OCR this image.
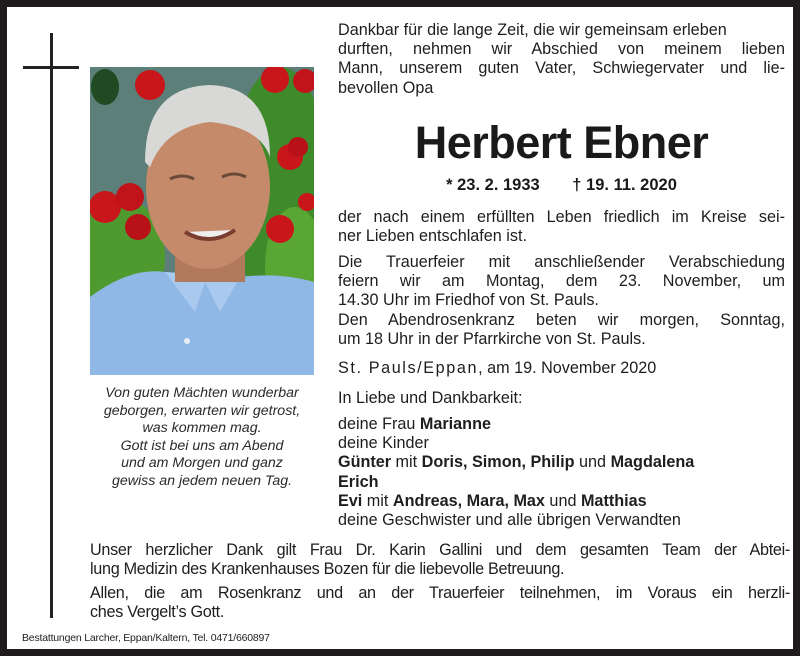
Von guten Mächten wunderbar
geborgen, erwarten wir getrost,
was kommen mag.
Gott ist bei uns am Abend
und am Morgen und ganz
gewiss an jedem neuen Tag.
Dankbar für die lange Zeit, die wir gemeinsam erleben
durften, nehmen wir Abschied von meinem lieben
Mann, unserem guten Vater, Schwiegervater und lie-
bevollen Opa
Herbert Ebner
* 23. 2. 1933 † 19. 11. 2020
der nach einem erfüllten Leben friedlich im Kreise sei-
ner Lieben entschlafen ist.
Die Trauerfeier mit anschließender Verabschiedung
feiern wir am Montag, dem 23. November, um
14.30 Uhr im Friedhof von St. Pauls.
Den Abendrosenkranz beten wir morgen, Sonntag,
um 18 Uhr in der Pfarrkirche von St. Pauls.
St. Pauls/Eppan, am 19. November 2020
In Liebe und Dankbarkeit:
deine Frau Marianne
deine Kinder
Günter mit Doris, Simon, Philip und Magdalena
Erich
Evi mit Andreas, Mara, Max und Matthias
deine Geschwister und alle übrigen Verwandten
Unser herzlicher Dank gilt Frau Dr. Karin Gallini und dem gesamten Team der Abtei-
lung Medizin des Krankenhauses Bozen für die liebevolle Betreuung.
Allen, die am Rosenkranz und an der Trauerfeier teilnehmen, im Voraus ein herzli-
ches Vergelt’s Gott.
Bestattungen Larcher, Eppan/Kaltern, Tel. 0471/660897
